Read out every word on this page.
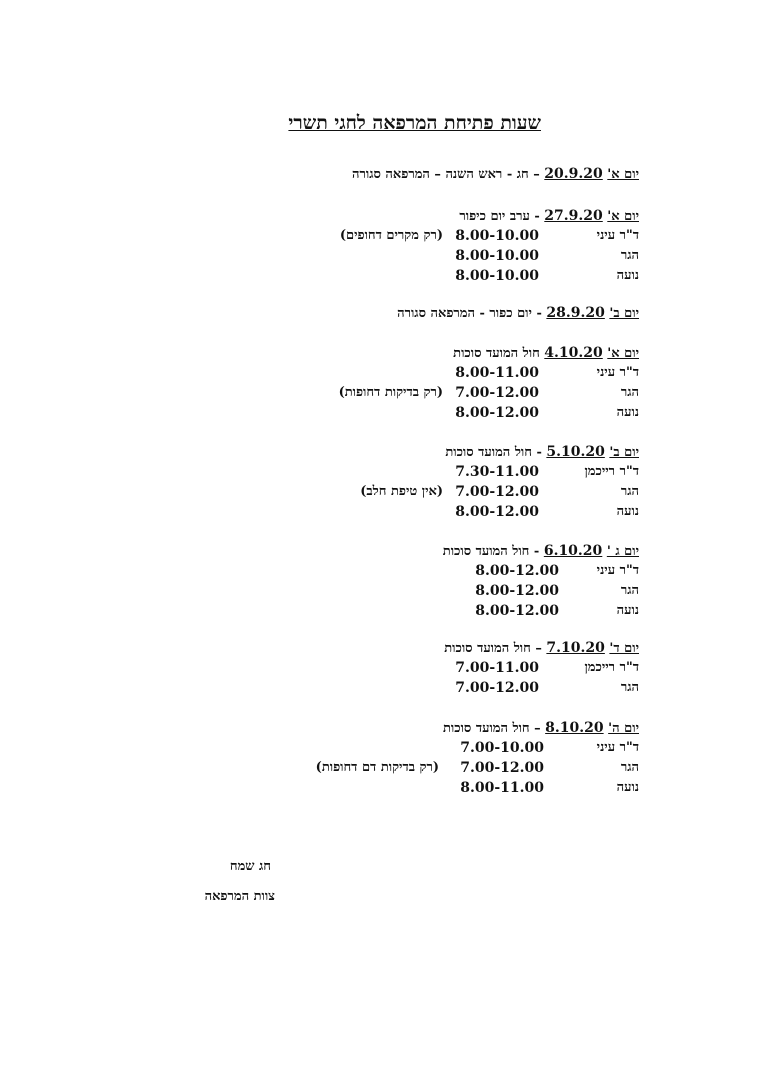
שעות פתיחת המרפאה לחגי תשרי
יום א' 20.9.20 – חג - ראש השנה – המרפאה סגורה
יום א' 27.9.20 - ערב יום כיפור
ד"ר עיני
8.00-10.00
(רק מקרים דחופים)
הגר
8.00-10.00
נועה
8.00-10.00
יום ב' 28.9.20 - יום כפור - המרפאה סגורה
יום א' 4.10.20 חול המועד סוכות
ד"ר עיני
8.00-11.00
הגר
7.00-12.00
(רק בדיקות דחופות)
נועה
8.00-12.00
יום ב' 5.10.20 - חול המועד סוכות
ד"ר רייכמן
7.30-11.00
הגר
7.00-12.00
(אין טיפת חלב)
נועה
8.00-12.00
יום ג ' 6.10.20 - חול המועד סוכות
ד"ר עיני
8.00-12.00
הגר
8.00-12.00
נועה
8.00-12.00
יום ד' 7.10.20 – חול המועד סוכות
ד"ר רייכמן
7.00-11.00
הגר
7.00-12.00
יום ה' 8.10.20 – חול המועד סוכות
ד"ר עיני
7.00-10.00
הגר
7.00-12.00
(רק בדיקות דם דחופות)
נועה
8.00-11.00
חג שמח
צוות המרפאה
